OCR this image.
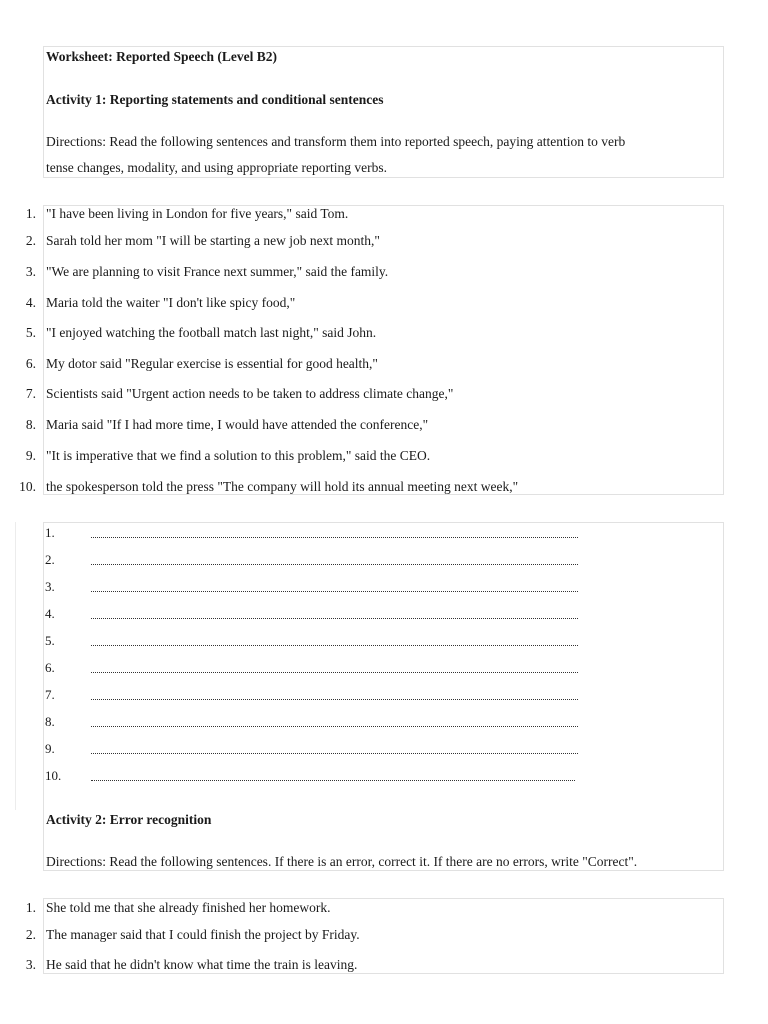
Worksheet: Reported Speech (Level B2)
Activity 1: Reporting statements and conditional sentences
Directions: Read the following sentences and transform them into reported speech, paying attention to verb
tense changes, modality, and using appropriate reporting verbs.
1. "I have been living in London for five years," said Tom.
2. Sarah told her mom "I will be starting a new job next month,"
3. "We are planning to visit France next summer," said the family.
4. Maria told the waiter "I don't like spicy food,"
5. "I enjoyed watching the football match last night," said John.
6. My dotor said "Regular exercise is essential for good health,"
7. Scientists said "Urgent action needs to be taken to address climate change,"
8. Maria said "If I had more time, I would have attended the conference,"
9. "It is imperative that we find a solution to this problem," said the CEO.
10. the spokesperson told the press "The company will hold its annual meeting next week,"
1.
2.
3.
4.
5.
6.
7.
8.
9.
10.
Activity 2: Error recognition
Directions: Read the following sentences. If there is an error, correct it. If there are no errors, write "Correct".
1. She told me that she already finished her homework.
2. The manager said that I could finish the project by Friday.
3. He said that he didn't know what time the train is leaving.
